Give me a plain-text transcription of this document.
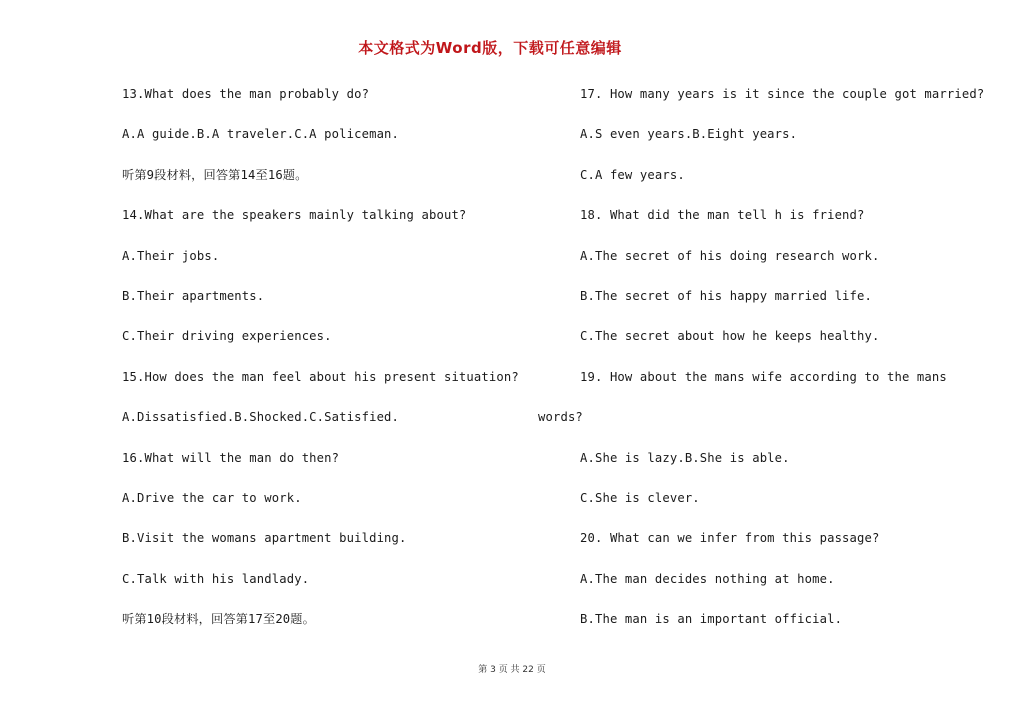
本文格式为Word版，下载可任意编辑
13.What does the man probably do?
A.A guide.B.A traveler.C.A policeman.
听第9段材料，回答第14至16题。
14.What are the speakers mainly talking about?
A.Their jobs.
B.Their apartments.
C.Their driving experiences.
15.How does the man feel about his present situation?
A.Dissatisfied.B.Shocked.C.Satisfied.
16.What will the man do then?
A.Drive the car to work.
B.Visit the womans apartment building.
C.Talk with his landlady.
听第10段材料，回答第17至20题。
17. How many years is it since the couple got married?
A.S even years.B.Eight years.
C.A few years.
18. What did the man tell h is friend?
A.The secret of his doing research work.
B.The secret of his happy married life.
C.The secret about how he keeps healthy.
19. How about the mans wife according to the mans
words?
A.She is lazy.B.She is able.
C.She is clever.
20. What can we infer from this passage?
A.The man decides nothing at home.
B.The man is an important official.
第 3 页 共 22 页
